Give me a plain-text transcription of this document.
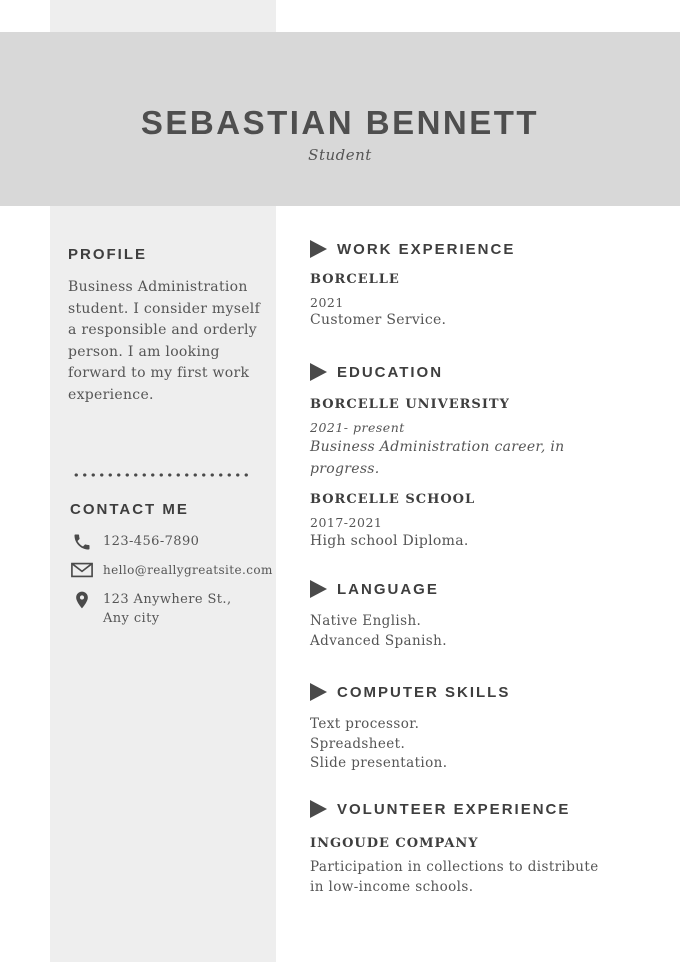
SEBASTIAN BENNETT
Student
PROFILE
Business Administration student. I consider myself a responsible and orderly person. I am looking forward to my first work experience.
CONTACT ME
123-456-7890
hello@reallygreatsite.com
123 Anywhere St.,
Any city
WORK EXPERIENCE
BORCELLE
2021
Customer Service.
EDUCATION
BORCELLE UNIVERSITY
2021- present
Business Administration career, in progress.
BORCELLE SCHOOL
2017-2021
High school Diploma.
LANGUAGE
Native English.
Advanced Spanish.
COMPUTER SKILLS
Text processor.
Spreadsheet.
Slide presentation.
VOLUNTEER EXPERIENCE
INGOUDE COMPANY
Participation in collections to distribute in low-income schools.
